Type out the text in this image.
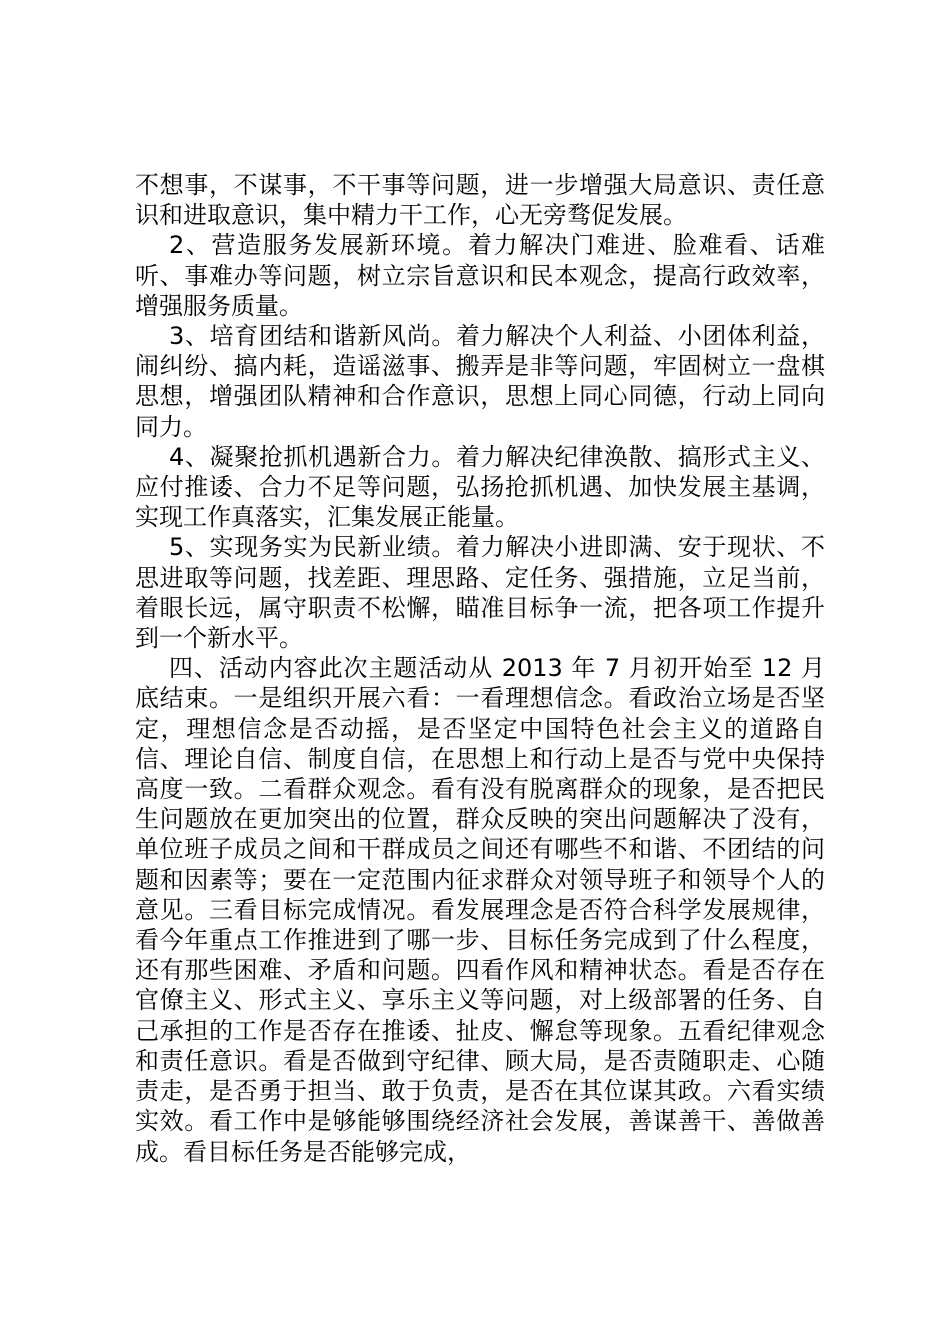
不想事，不谋事，不干事等问题，进一步增强大局意识、责任意识和进取意识，集中精力干工作，心无旁骛促发展。

2、营造服务发展新环境。着力解决门难进、脸难看、话难听、事难办等问题，树立宗旨意识和民本观念，提高行政效率，增强服务质量。

3、培育团结和谐新风尚。着力解决个人利益、小团体利益，闹纠纷、搞内耗，造谣滋事、搬弄是非等问题，牢固树立一盘棋思想，增强团队精神和合作意识，思想上同心同德，行动上同向同力。

4、凝聚抢抓机遇新合力。着力解决纪律涣散、搞形式主义、应付推诿、合力不足等问题，弘扬抢抓机遇、加快发展主基调，实现工作真落实，汇集发展正能量。

5、实现务实为民新业绩。着力解决小进即满、安于现状、不思进取等问题，找差距、理思路、定任务、强措施，立足当前，着眼长远，属守职责不松懈，瞄准目标争一流，把各项工作提升到一个新水平。

四、活动内容此次主题活动从 2013 年 7 月初开始至 12 月底结束。一是组织开展六看：一看理想信念。看政治立场是否坚定，理想信念是否动摇，是否坚定中国特色社会主义的道路自信、理论自信、制度自信，在思想上和行动上是否与党中央保持高度一致。二看群众观念。看有没有脱离群众的现象，是否把民生问题放在更加突出的位置，群众反映的突出问题解决了没有，单位班子成员之间和干群成员之间还有哪些不和谐、不团结的问题和因素等；要在一定范围内征求群众对领导班子和领导个人的意见。三看目标完成情况。看发展理念是否符合科学发展规律，看今年重点工作推进到了哪一步、目标任务完成到了什么程度，还有那些困难、矛盾和问题。四看作风和精神状态。看是否存在官僚主义、形式主义、享乐主义等问题，对上级部署的任务、自己承担的工作是否存在推诿、扯皮、懈怠等现象。五看纪律观念和责任意识。看是否做到守纪律、顾大局，是否责随职走、心随责走，是否勇于担当、敢于负责，是否在其位谋其政。六看实绩实效。看工作中是够能够围绕经济社会发展，善谋善干、善做善成。看目标任务是否能够完成，
